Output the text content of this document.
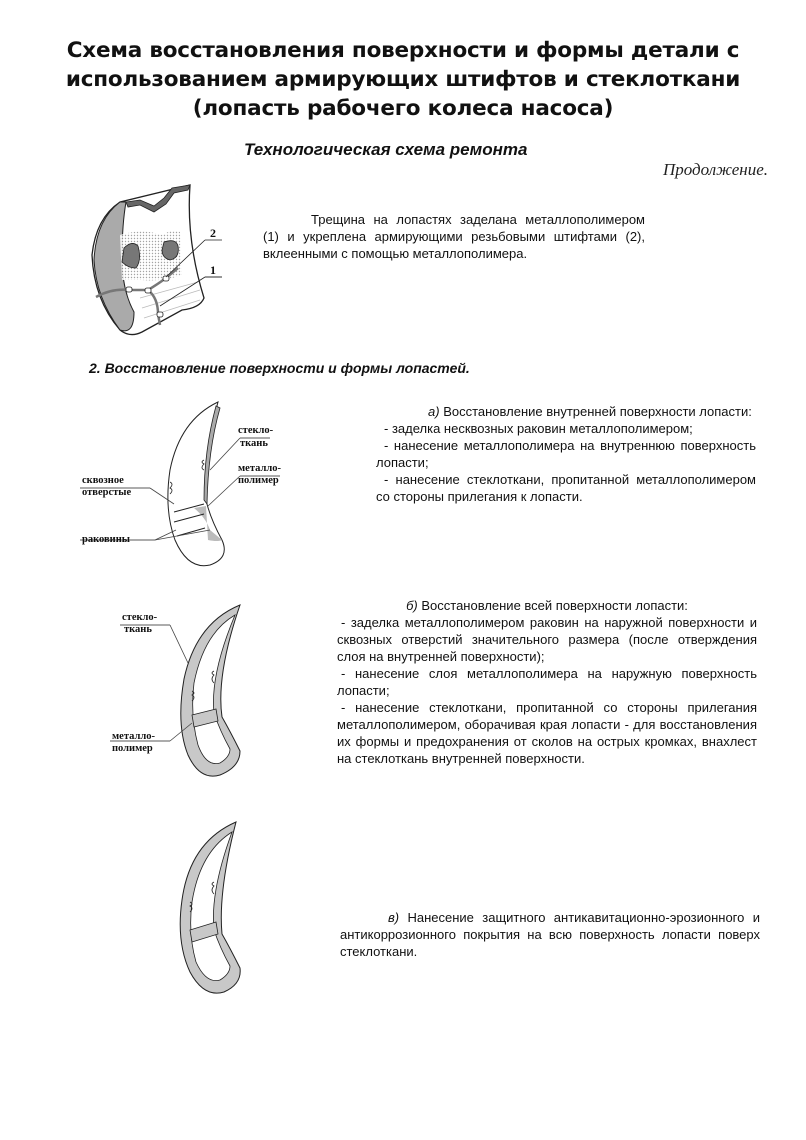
Схема восстановления поверхности и формы детали с
использованием армирующих штифтов и стеклоткани
(лопасть рабочего колеса насоса)
Технологическая схема ремонта
Продолжение.
2
1

Трещина на лопастях заделана металлополимером (1) и укреплена армирующими резьбовыми штифтами (2), вклеенными с помощью металлополимера.

2. Восстановление поверхности и формы лопастей.
стекло-
ткань
металло-
полимер
сквозное
отверстые
раковины

а) Восстановление внутренней поверхности лопасти:

- заделка несквозных раковин металлополимером;

- нанесение металлополимера на внутреннюю поверхность лопасти;

- нанесение стеклоткани, пропитанной металлополимером со стороны прилегания к лопасти.

стекло-
ткань
металло-
полимер

б) Восстановление всей поверхности лопасти:

- заделка металлополимером раковин на наружной поверхности и сквозных отверстий значительного размера (после отверждения слоя на внутренней поверхности);

- нанесение слоя металлополимера на наружную поверхность лопасти;

- нанесение стеклоткани, пропитанной со стороны прилегания металлополимером, оборачивая края лопасти - для восстановления их формы и предохранения от сколов на острых кромках, внахлест на стеклоткань внутренней поверхности.

в) Нанесение защитного антикавитационно-эрозионного и антикоррозионного покрытия на всю поверхность лопасти поверх стеклоткани.
